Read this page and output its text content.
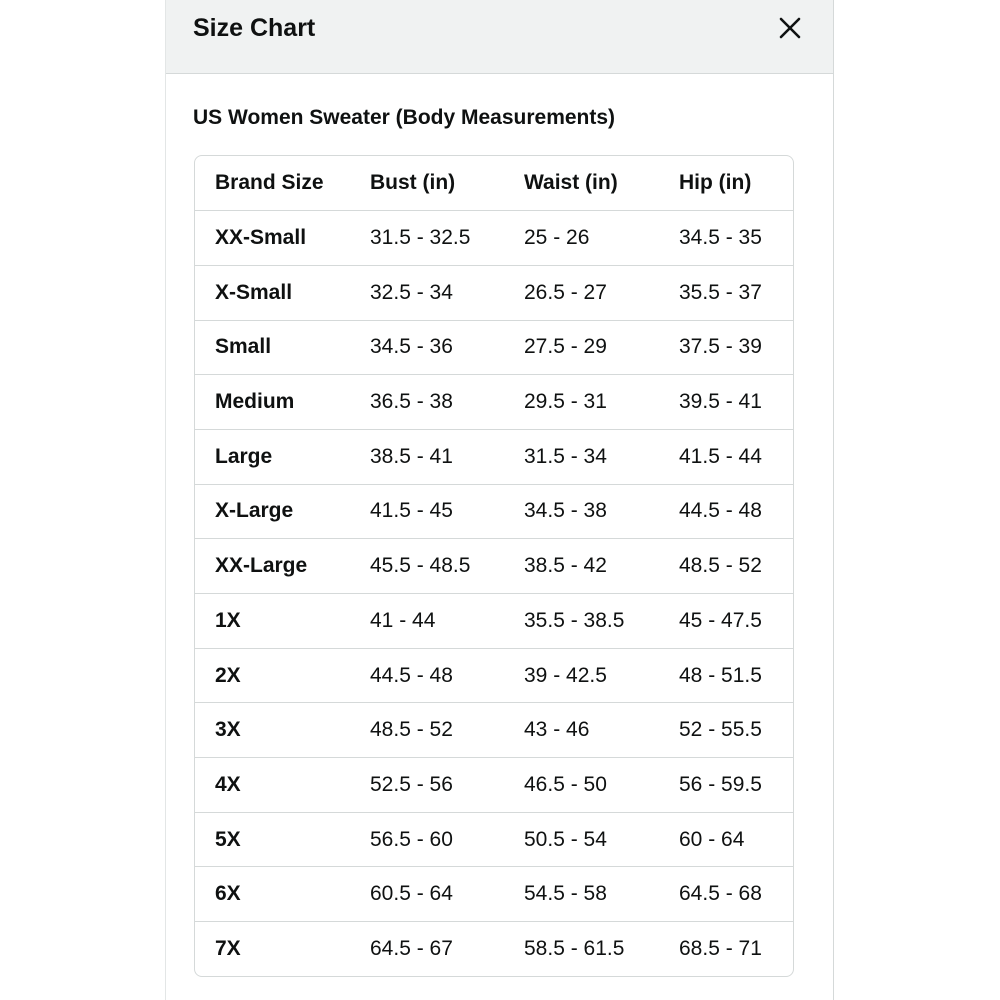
Size Chart
US Women Sweater (Body Measurements)
Brand Size	Bust (in)	Waist (in)	Hip (in)
XX-Small	31.5 - 32.5	25 - 26	34.5 - 35
X-Small	32.5 - 34	26.5 - 27	35.5 - 37
Small	34.5 - 36	27.5 - 29	37.5 - 39
Medium	36.5 - 38	29.5 - 31	39.5 - 41
Large	38.5 - 41	31.5 - 34	41.5 - 44
X-Large	41.5 - 45	34.5 - 38	44.5 - 48
XX-Large	45.5 - 48.5	38.5 - 42	48.5 - 52
1X	41 - 44	35.5 - 38.5	45 - 47.5
2X	44.5 - 48	39 - 42.5	48 - 51.5
3X	48.5 - 52	43 - 46	52 - 55.5
4X	52.5 - 56	46.5 - 50	56 - 59.5
5X	56.5 - 60	50.5 - 54	60 - 64
6X	60.5 - 64	54.5 - 58	64.5 - 68
7X	64.5 - 67	58.5 - 61.5	68.5 - 71
